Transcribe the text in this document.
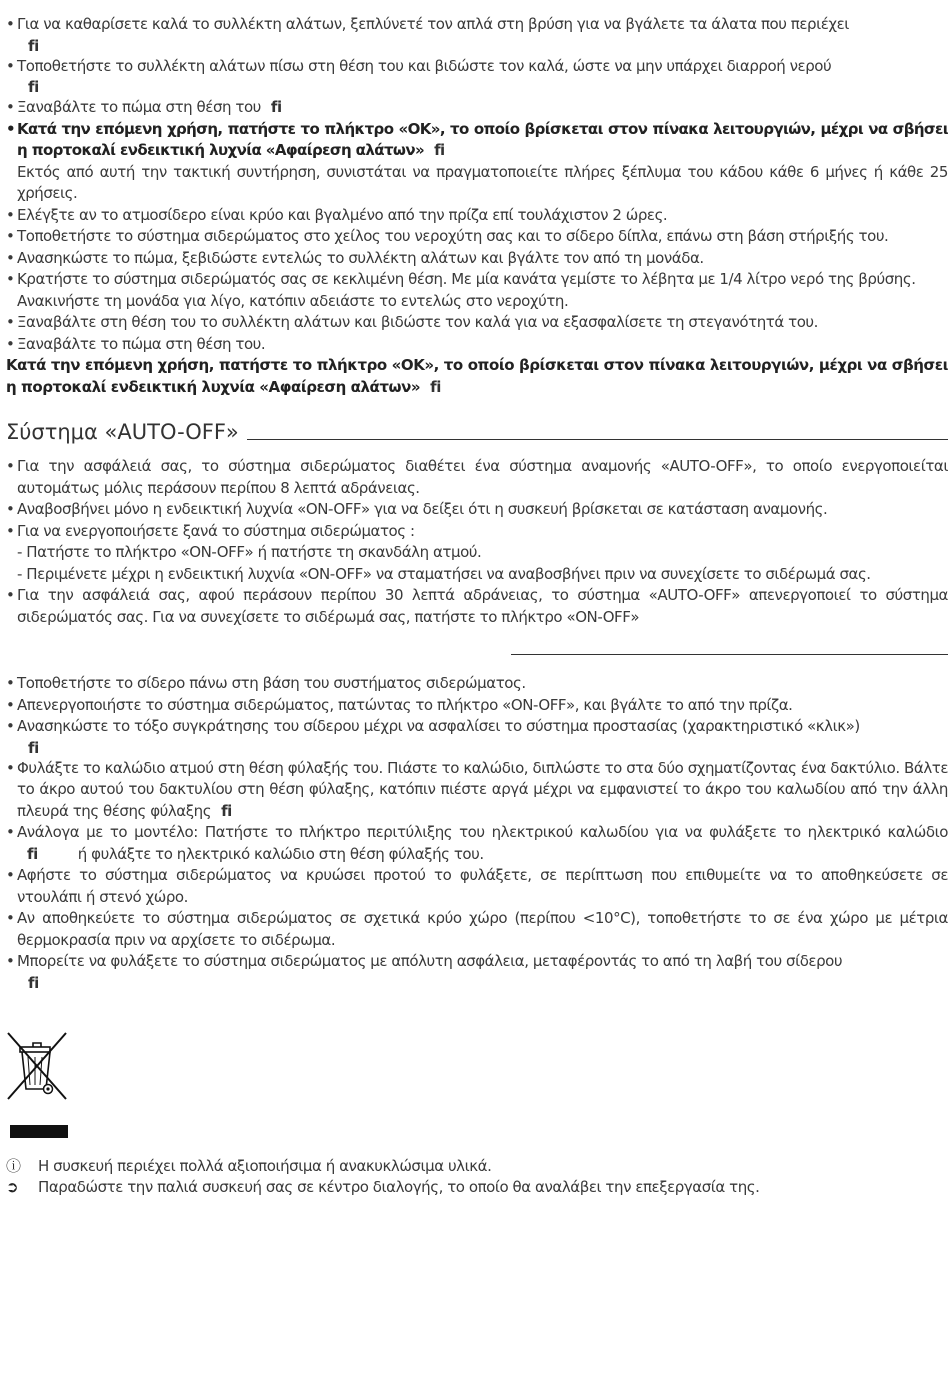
• Για να καθαρίσετε καλά το συλλέκτη αλάτων, ξεπλύνετέ τον απλά στη βρύση για να βγάλετε τα άλατα που περιέχει
fi
• Τοποθετήστε το συλλέκτη αλάτων πίσω στη θέση του και βιδώστε τον καλά, ώστε να μην υπάρχει διαρροή νερού
fi
• Ξαναβάλτε το πώμα στη θέση του fi
• Κατά την επόμενη χρήση, πατήστε το πλήκτρο «ΟΚ», το οποίο βρίσκεται στον πίνακα λειτουργιών, μέχρι να σβήσει η πορτοκαλί ενδεικτική λυχνία «Αφαίρεση αλάτων» fi
Εκτός από αυτή την τακτική συντήρηση, συνιστάται να πραγματοποιείτε πλήρες ξέπλυμα του κάδου κάθε 6 μήνες ή κάθε 25 χρήσεις.
• Ελέγξτε αν το ατμοσίδερο είναι κρύο και βγαλμένο από την πρίζα επί τουλάχιστον 2 ώρες.
• Τοποθετήστε το σύστημα σιδερώματος στο χείλος του νεροχύτη σας και το σίδερο δίπλα, επάνω στη βάση στήριξής του.
• Ανασηκώστε το πώμα, ξεβιδώστε εντελώς το συλλέκτη αλάτων και βγάλτε τον από τη μονάδα.
• Κρατήστε το σύστημα σιδερώματός σας σε κεκλιμένη θέση. Με μία κανάτα γεμίστε το λέβητα με 1/4 λίτρο νερό της βρύσης.
Ανακινήστε τη μονάδα για λίγο, κατόπιν αδειάστε το εντελώς στο νεροχύτη.
• Ξαναβάλτε στη θέση του το συλλέκτη αλάτων και βιδώστε τον καλά για να εξασφαλίσετε τη στεγανότητά του.
• Ξαναβάλτε το πώμα στη θέση του.
Κατά την επόμενη χρήση, πατήστε το πλήκτρο «ΟΚ», το οποίο βρίσκεται στον πίνακα λειτουργιών, μέχρι να σβήσει η πορτοκαλί ενδεικτική λυχνία «Αφαίρεση αλάτων» fi
Σύστημα «AUTO-OFF»
• Για την ασφάλειά σας, το σύστημα σιδερώματος διαθέτει ένα σύστημα αναμονής «AUTO-OFF», το οποίο ενεργοποιείται αυτομάτως μόλις περάσουν περίπου 8 λεπτά αδράνειας.
• Αναβοσβήνει μόνο η ενδεικτική λυχνία «ON-OFF» για να δείξει ότι η συσκευή βρίσκεται σε κατάσταση αναμονής.
• Για να ενεργοποιήσετε ξανά το σύστημα σιδερώματος :
- Πατήστε το πλήκτρο «ON-OFF» ή πατήστε τη σκανδάλη ατμού.
- Περιμένετε μέχρι η ενδεικτική λυχνία «ON-OFF» να σταματήσει να αναβοσβήνει πριν να συνεχίσετε το σιδέρωμά σας.
• Για την ασφάλειά σας, αφού περάσουν περίπου 30 λεπτά αδράνειας, το σύστημα «AUTO-OFF» απενεργοποιεί το σύστημα σιδερώματός σας. Για να συνεχίσετε το σιδέρωμά σας, πατήστε το πλήκτρο «ON-OFF»
• Τοποθετήστε το σίδερο πάνω στη βάση του συστήματος σιδερώματος.
• Απενεργοποιήστε το σύστημα σιδερώματος, πατώντας το πλήκτρο «ON-OFF», και βγάλτε το από την πρίζα.
• Ανασηκώστε το τόξο συγκράτησης του σίδερου μέχρι να ασφαλίσει το σύστημα προστασίας (χαρακτηριστικό «κλικ»)
fi
• Φυλάξτε το καλώδιο ατμού στη θέση φύλαξής του. Πιάστε το καλώδιο, διπλώστε το στα δύο σχηματίζοντας ένα δακτύλιο. Βάλτε το άκρο αυτού του δακτυλίου στη θέση φύλαξης, κατόπιν πιέστε αργά μέχρι να εμφανιστεί το άκρο του καλωδίου από την άλλη πλευρά της θέσης φύλαξης fi
• Ανάλογα με το μοντέλο: Πατήστε το πλήκτρο περιτύλιξης του ηλεκτρικού καλωδίου για να φυλάξετε το ηλεκτρικό καλώδιοfi	ή φυλάξτε το ηλεκτρικό καλώδιο στη θέση φύλαξής του.
• Αφήστε το σύστημα σιδερώματος να κρυώσει προτού το φυλάξετε, σε περίπτωση που επιθυμείτε να το αποθηκεύσετε σε ντουλάπι ή στενό χώρο.
• Αν αποθηκεύετε το σύστημα σιδερώματος σε σχετικά κρύο χώρο (περίπου <10°C), τοποθετήστε το σε ένα χώρο με μέτρια θερμοκρασία πριν να αρχίσετε το σιδέρωμα.
• Μπορείτε να φυλάξετε το σύστημα σιδερώματος με απόλυτη ασφάλεια, μεταφέροντάς το από τη λαβή του σίδερου
fi
ⓘ	Η συσκευή περιέχει πολλά αξιοποιήσιμα ή ανακυκλώσιμα υλικά.
➲	Παραδώστε την παλιά συσκευή σας σε κέντρο διαλογής, το οποίο θα αναλάβει την επεξεργασία της.
